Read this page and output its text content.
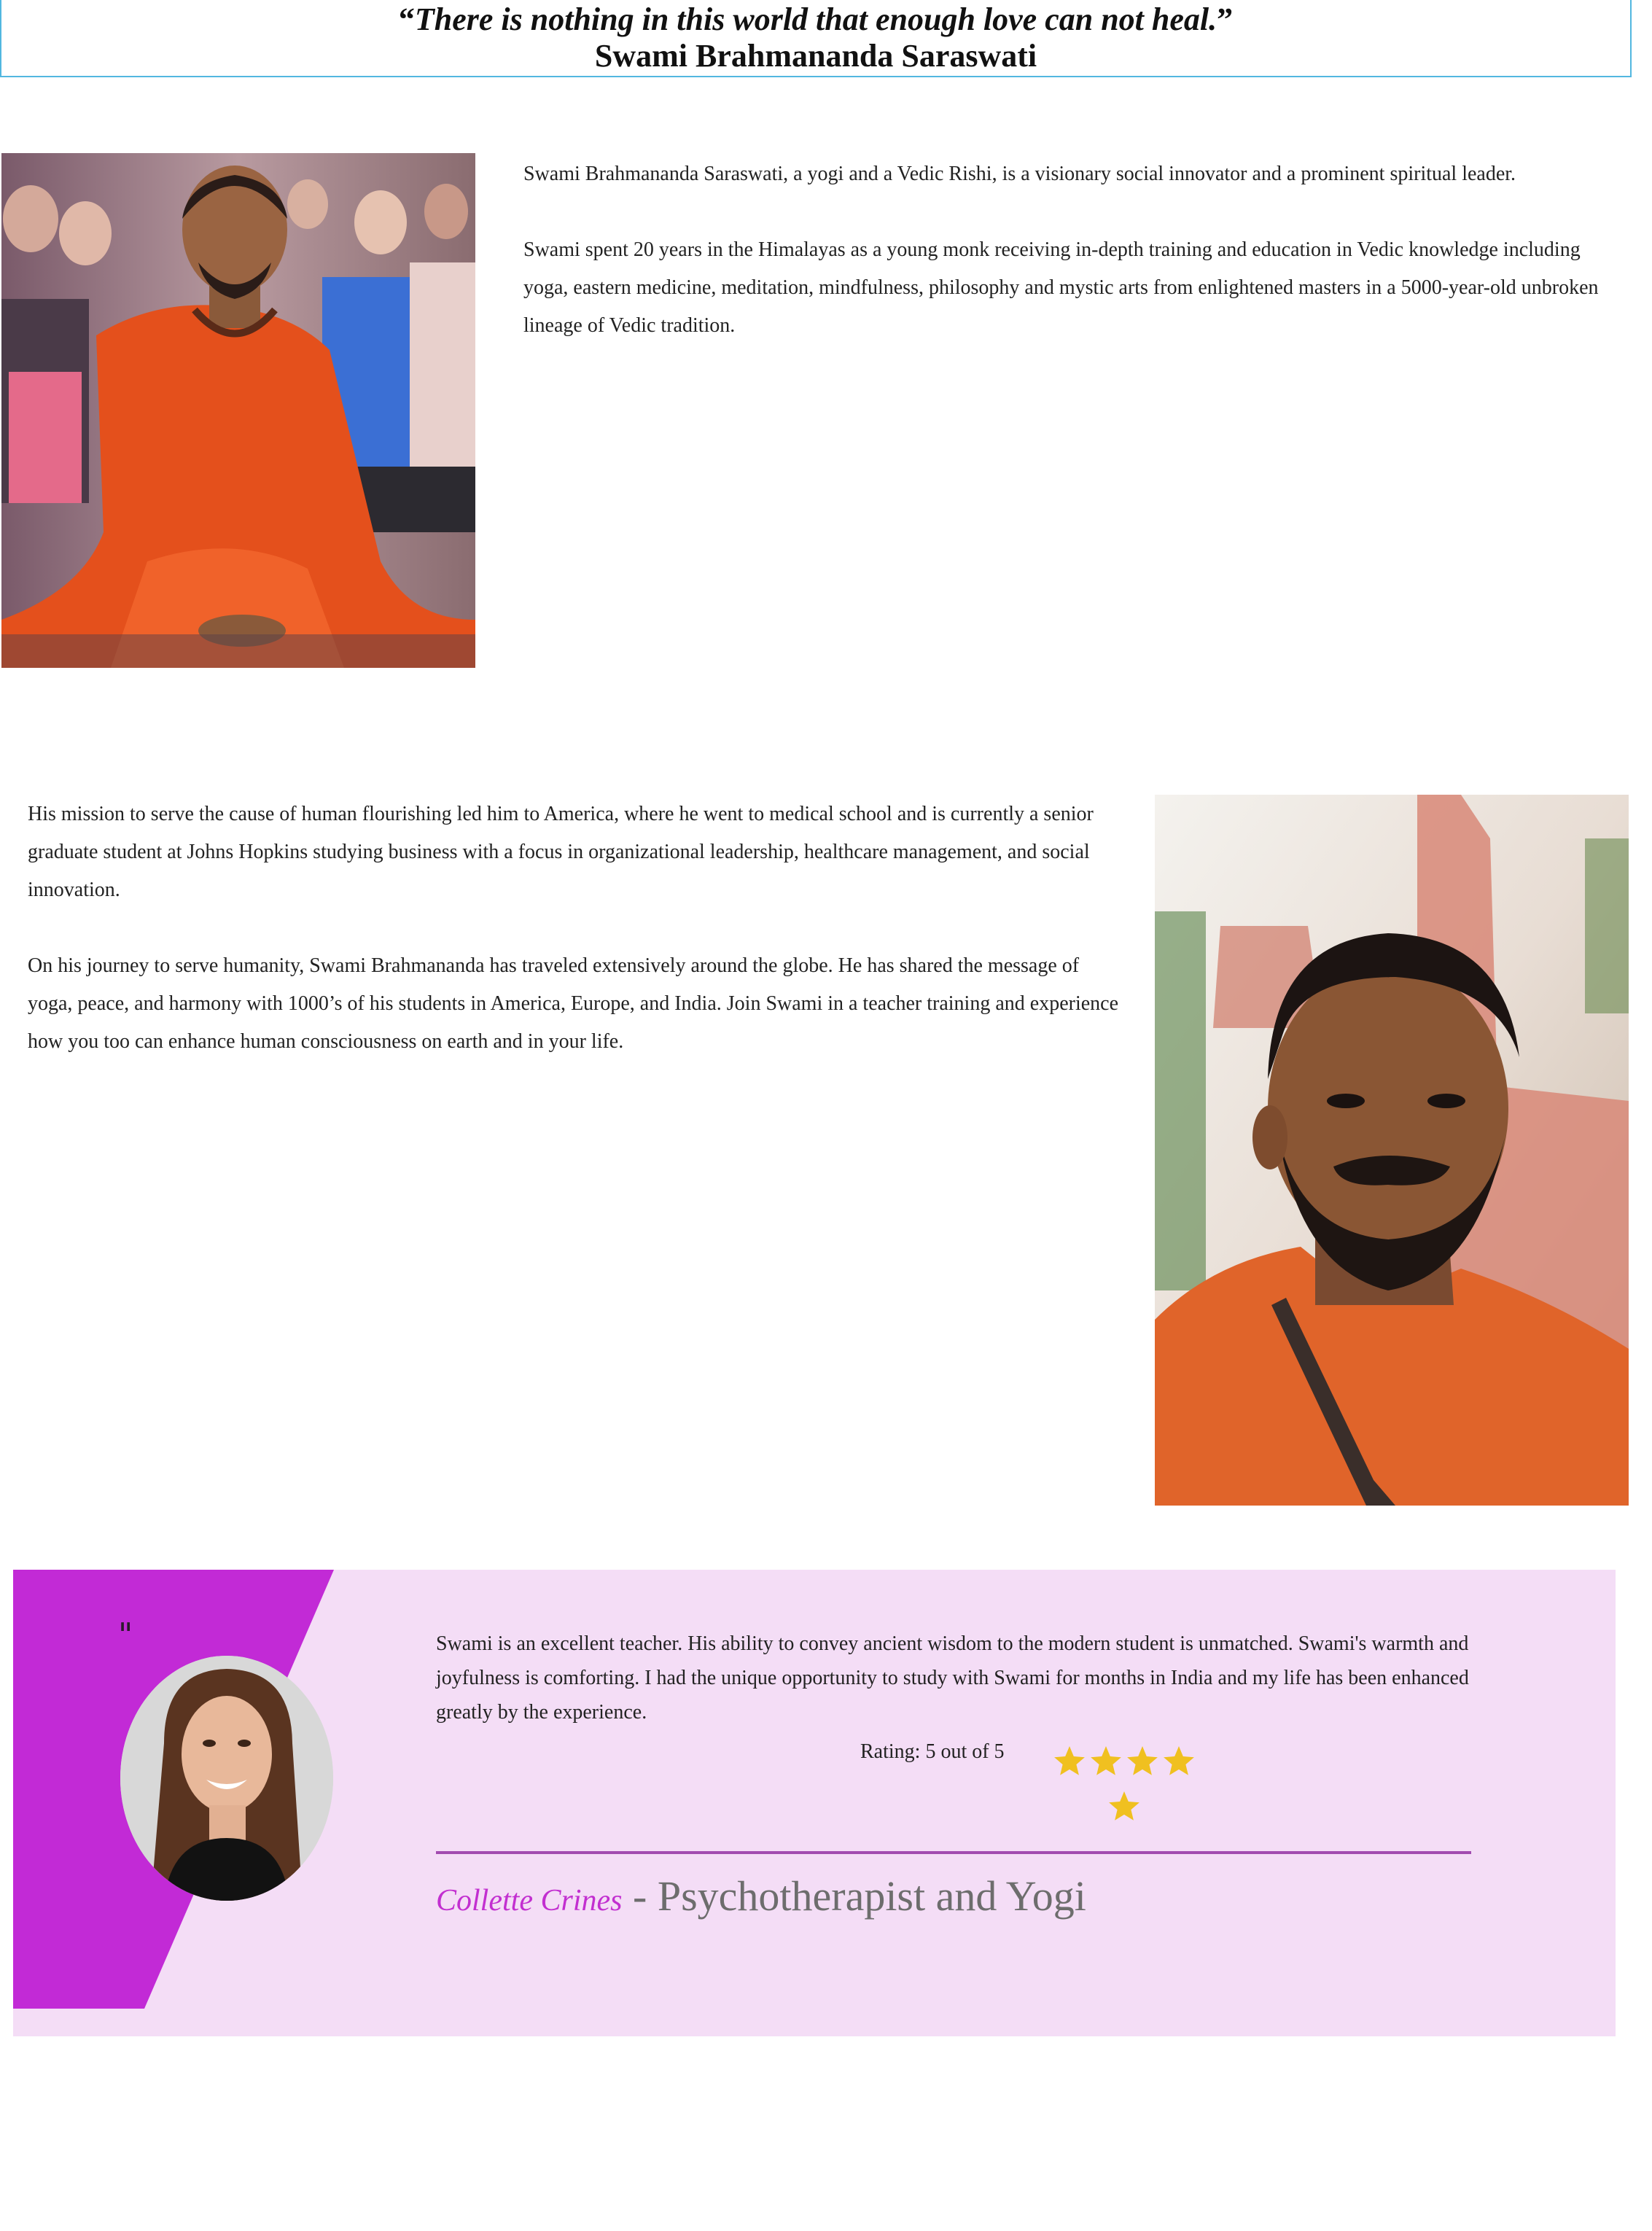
“There is nothing in this world that enough love can not heal.”
Swami Brahmananda Saraswati

Swami Brahmananda Saraswati, a yogi and a Vedic Rishi, is a visionary social innovator and a prominent spiritual leader.

Swami spent 20 years in the Himalayas as a young monk receiving in-depth training and education in Vedic knowledge including yoga, eastern medicine, meditation, mindfulness, philosophy and mystic arts from enlightened masters in a 5000-year-old unbroken lineage of Vedic tradition.

His mission to serve the cause of human flourishing led him to America, where he went to medical school and is currently a senior graduate student at Johns Hopkins studying business with a focus in organizational leadership, healthcare management, and social innovation.

On his journey to serve humanity, Swami Brahmananda has traveled extensively around the globe. He has shared the message of yoga, peace, and harmony with 1000’s of his students in America, Europe, and India. Join Swami in a teacher training and experience how you too can enhance human consciousness on earth and in your life.

"	Swami is an excellent teacher. His ability to convey ancient wisdom to the modern student is unmatched. Swami's warmth and joyfulness is comforting. I had the unique opportunity to study with Swami for months in India and my life has been enhanced greatly by the experience.
Rating: 5 out of 5
Collette Crines - Psychotherapist and Yogi
